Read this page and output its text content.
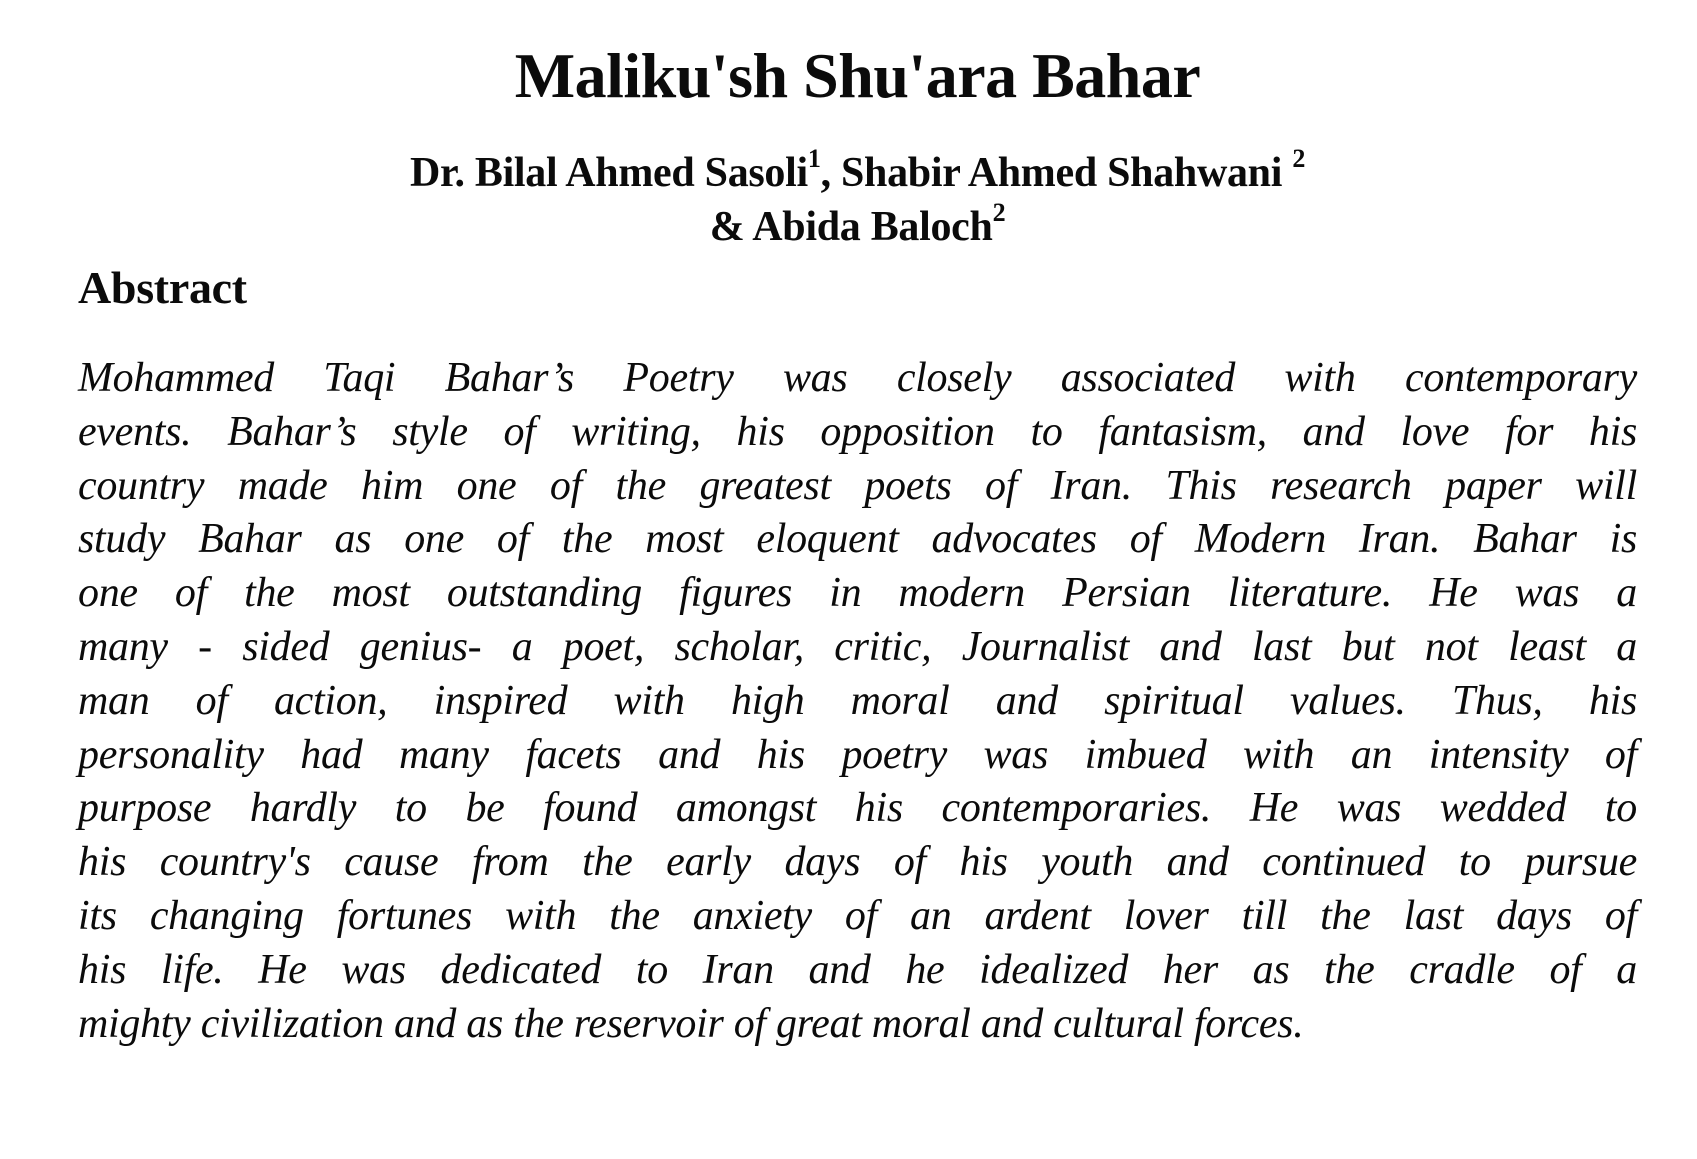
Maliku'sh Shu'ara Bahar
Dr. Bilal Ahmed Sasoli$^1$, Shabir Ahmed Shahwani $^2$
& Abida Baloch$^2$
Abstract
Mohammed Taqi Bahar’s Poetry was closely associated with contemporary
events. Bahar’s style of writing, his opposition to fantasism, and love for his
country made him one of the greatest poets of Iran. This research paper will
study Bahar as one of the most eloquent advocates of Modern Iran. Bahar is
one of the most outstanding figures in modern Persian literature. He was a
many - sided genius- a poet, scholar, critic, Journalist and last but not least a
man of action, inspired with high moral and spiritual values. Thus, his
personality had many facets and his poetry was imbued with an intensity of
purpose hardly to be found amongst his contemporaries. He was wedded to
his country's cause from the early days of his youth and continued to pursue
its changing fortunes with the anxiety of an ardent lover till the last days of
his life. He was dedicated to Iran and he idealized her as the cradle of a
mighty civilization and as the reservoir of great moral and cultural forces.
